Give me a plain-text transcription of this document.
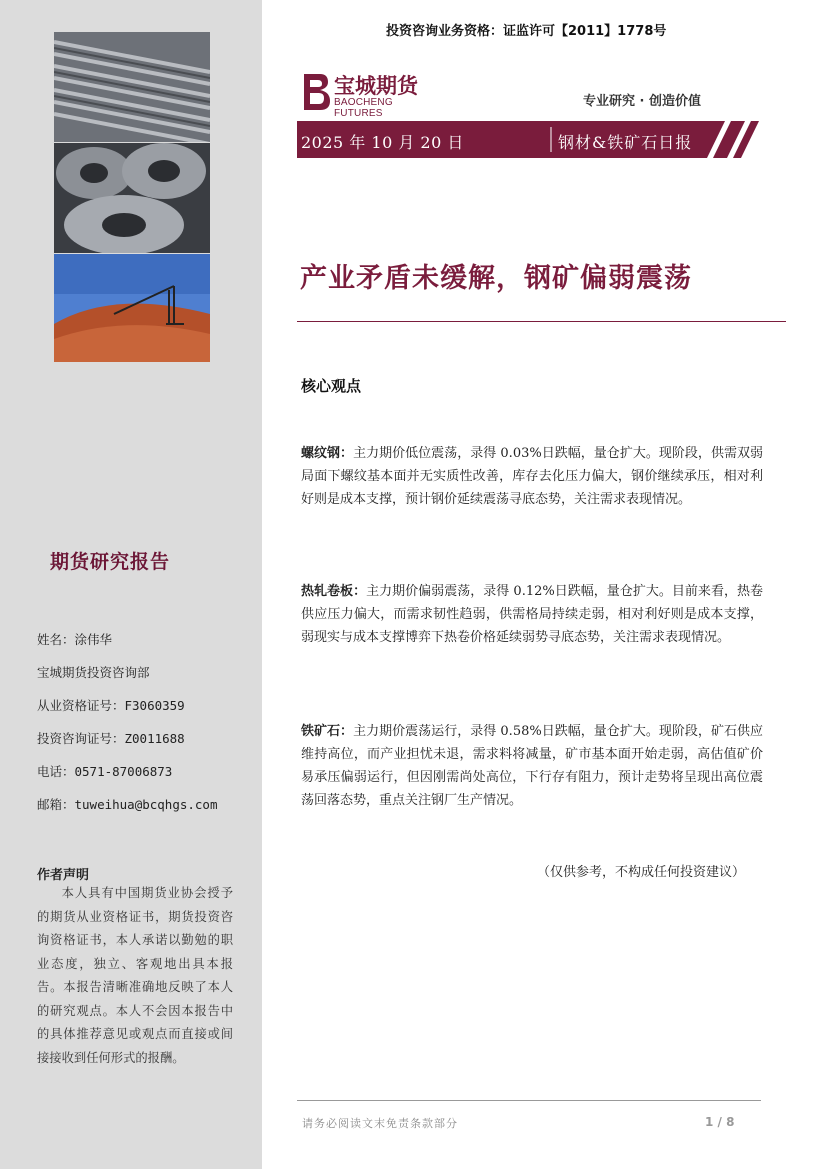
期货研究报告
姓名：涂伟华
宝城期货投资咨询部
从业资格证号：F3060359
投资咨询证号：Z0011688
电话：0571-87006873
邮箱：tuweihua@bcqhgs.com
作者声明
本人具有中国期货业协会授予的期货从业资格证书，期货投资咨询资格证书，本人承诺以勤勉的职业态度，独立、客观地出具本报告。本报告清晰准确地反映了本人的研究观点。本人不会因本报告中的具体推荐意见或观点而直接或间接接收到任何形式的报酬。
投资咨询业务资格：证监许可【2011】1778号
宝城期货
BAOCHENG FUTURES
专业研究 · 创造价值
2025 年 10 月 20 日	钢材&铁矿石日报
产业矛盾未缓解，钢矿偏弱震荡
核心观点
螺纹钢：主力期价低位震荡，录得 0.03%日跌幅，量仓扩大。现阶段，供需双弱局面下螺纹基本面并无实质性改善，库存去化压力偏大，钢价继续承压，相对利好则是成本支撑，预计钢价延续震荡寻底态势，关注需求表现情况。
热轧卷板：主力期价偏弱震荡，录得 0.12%日跌幅，量仓扩大。目前来看，热卷供应压力偏大，而需求韧性趋弱，供需格局持续走弱，相对利好则是成本支撑，弱现实与成本支撑博弈下热卷价格延续弱势寻底态势，关注需求表现情况。
铁矿石：主力期价震荡运行，录得 0.58%日跌幅，量仓扩大。现阶段，矿石供应维持高位，而产业担忧未退，需求料将减量，矿市基本面开始走弱，高估值矿价易承压偏弱运行，但因刚需尚处高位，下行存有阻力，预计走势将呈现出高位震荡回落态势，重点关注钢厂生产情况。
（仅供参考，不构成任何投资建议）
请务必阅读文末免责条款部分	1 / 8
